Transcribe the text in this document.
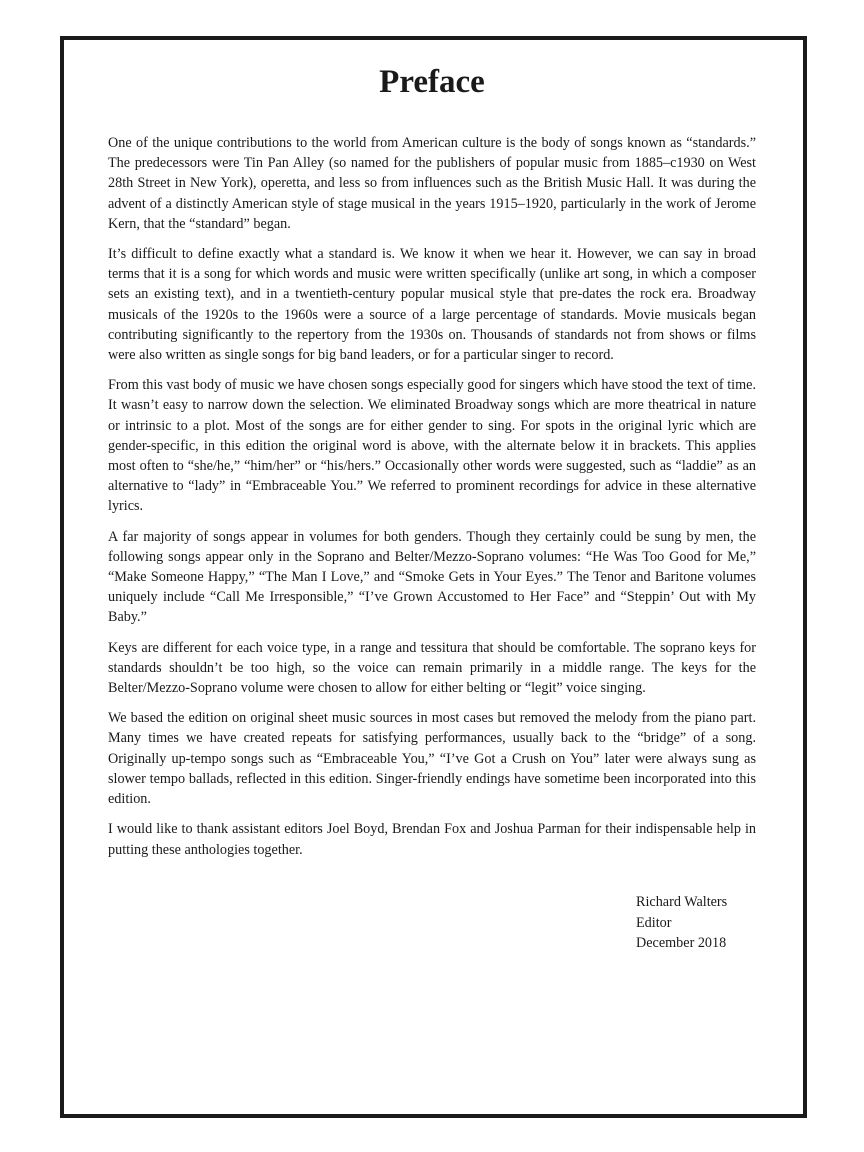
Preface

One of the unique contributions to the world from American culture is the body of songs known as “standards.” The predecessors were Tin Pan Alley (so named for the publishers of popular music from 1885–c1930 on West 28th Street in New York), operetta, and less so from influences such as the British Music Hall. It was during the advent of a distinctly American style of stage musical in the years 1915–1920, particularly in the work of Jerome Kern, that the “standard” began.

It’s difficult to define exactly what a standard is. We know it when we hear it. However, we can say in broad terms that it is a song for which words and music were written specifically (unlike art song, in which a composer sets an existing text), and in a twentieth-century popular musical style that pre-dates the rock era. Broadway musicals of the 1920s to the 1960s were a source of a large percentage of standards. Movie musicals began contributing significantly to the repertory from the 1930s on. Thousands of standards not from shows or films were also written as single songs for big band leaders, or for a particular singer to record.

From this vast body of music we have chosen songs especially good for singers which have stood the text of time. It wasn’t easy to narrow down the selection. We eliminated Broadway songs which are more theatrical in nature or intrinsic to a plot. Most of the songs are for either gender to sing. For spots in the original lyric which are gender-specific, in this edition the original word is above, with the alternate below it in brackets. This applies most often to “she/he,” “him/her” or “his/hers.” Occasionally other words were suggested, such as “laddie” as an alternative to “lady” in “Embraceable You.” We referred to prominent recordings for advice in these alternative lyrics.

A far majority of songs appear in volumes for both genders. Though they certainly could be sung by men, the following songs appear only in the Soprano and Belter/Mezzo-Soprano volumes: “He Was Too Good for Me,” “Make Someone Happy,” “The Man I Love,” and “Smoke Gets in Your Eyes.” The Tenor and Baritone volumes uniquely include “Call Me Irresponsible,” “I’ve Grown Accustomed to Her Face” and “Steppin’ Out with My Baby.”

Keys are different for each voice type, in a range and tessitura that should be comfortable. The soprano keys for standards shouldn’t be too high, so the voice can remain primarily in a middle range. The keys for the Belter/Mezzo-Soprano volume were chosen to allow for either belting or “legit” voice singing.

We based the edition on original sheet music sources in most cases but removed the melody from the piano part. Many times we have created repeats for satisfying performances, usually back to the “bridge” of a song. Originally up-tempo songs such as “Embraceable You,” “I’ve Got a Crush on You” later were always sung as slower tempo ballads, reflected in this edition. Singer-friendly endings have sometime been incorporated into this edition.

I would like to thank assistant editors Joel Boyd, Brendan Fox and Joshua Parman for their indispensable help in putting these anthologies together.

Richard Walters
Editor
December 2018
